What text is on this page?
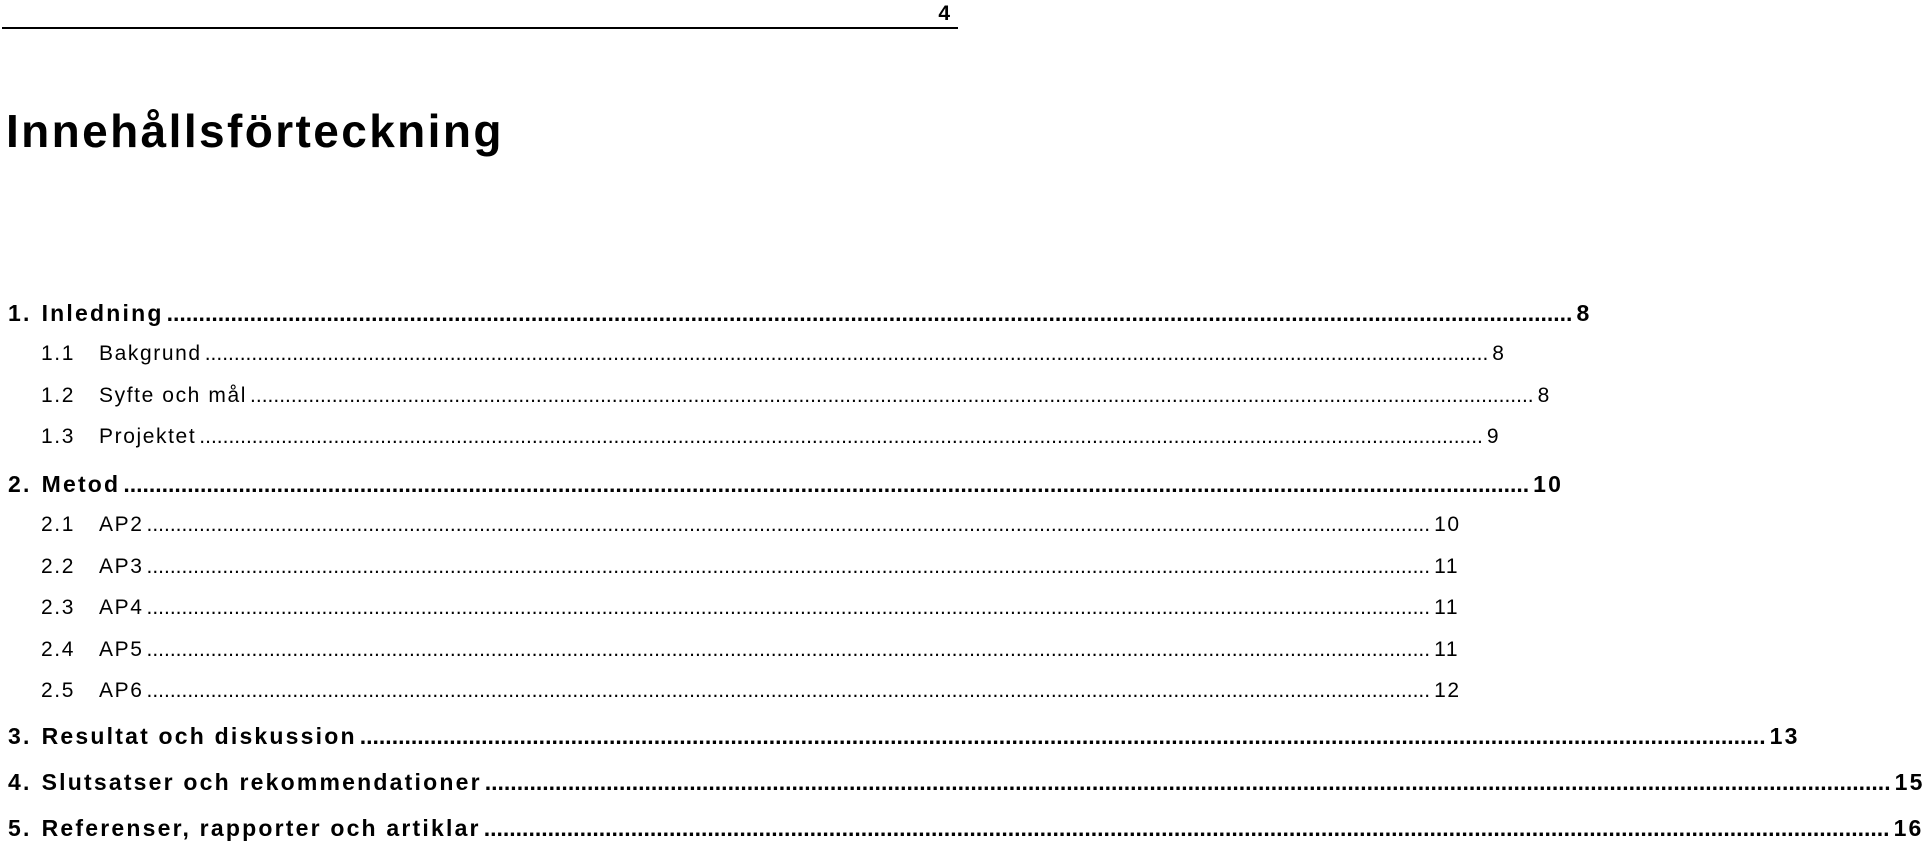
4
Innehållsförteckning
1. Inledning ............................................................................................................................................................................................................................ 8
1.1	Bakgrund ............................................................................................................................................................................................................................ 8
1.2	Syfte och mål ............................................................................................................................................................................................................................ 8
1.3	Projektet ............................................................................................................................................................................................................................ 9
2. Metod ............................................................................................................................................................................................................................ 10
2.1	AP2 ............................................................................................................................................................................................................................ 10
2.2	AP3 ............................................................................................................................................................................................................................ 11
2.3	AP4 ............................................................................................................................................................................................................................ 11
2.4	AP5 ............................................................................................................................................................................................................................ 11
2.5	AP6 ............................................................................................................................................................................................................................ 12
3. Resultat och diskussion ............................................................................................................................................................................................................................ 13
4. Slutsatser och rekommendationer ............................................................................................................................................................................................................................ 15
5. Referenser, rapporter och artiklar ............................................................................................................................................................................................................................ 16
